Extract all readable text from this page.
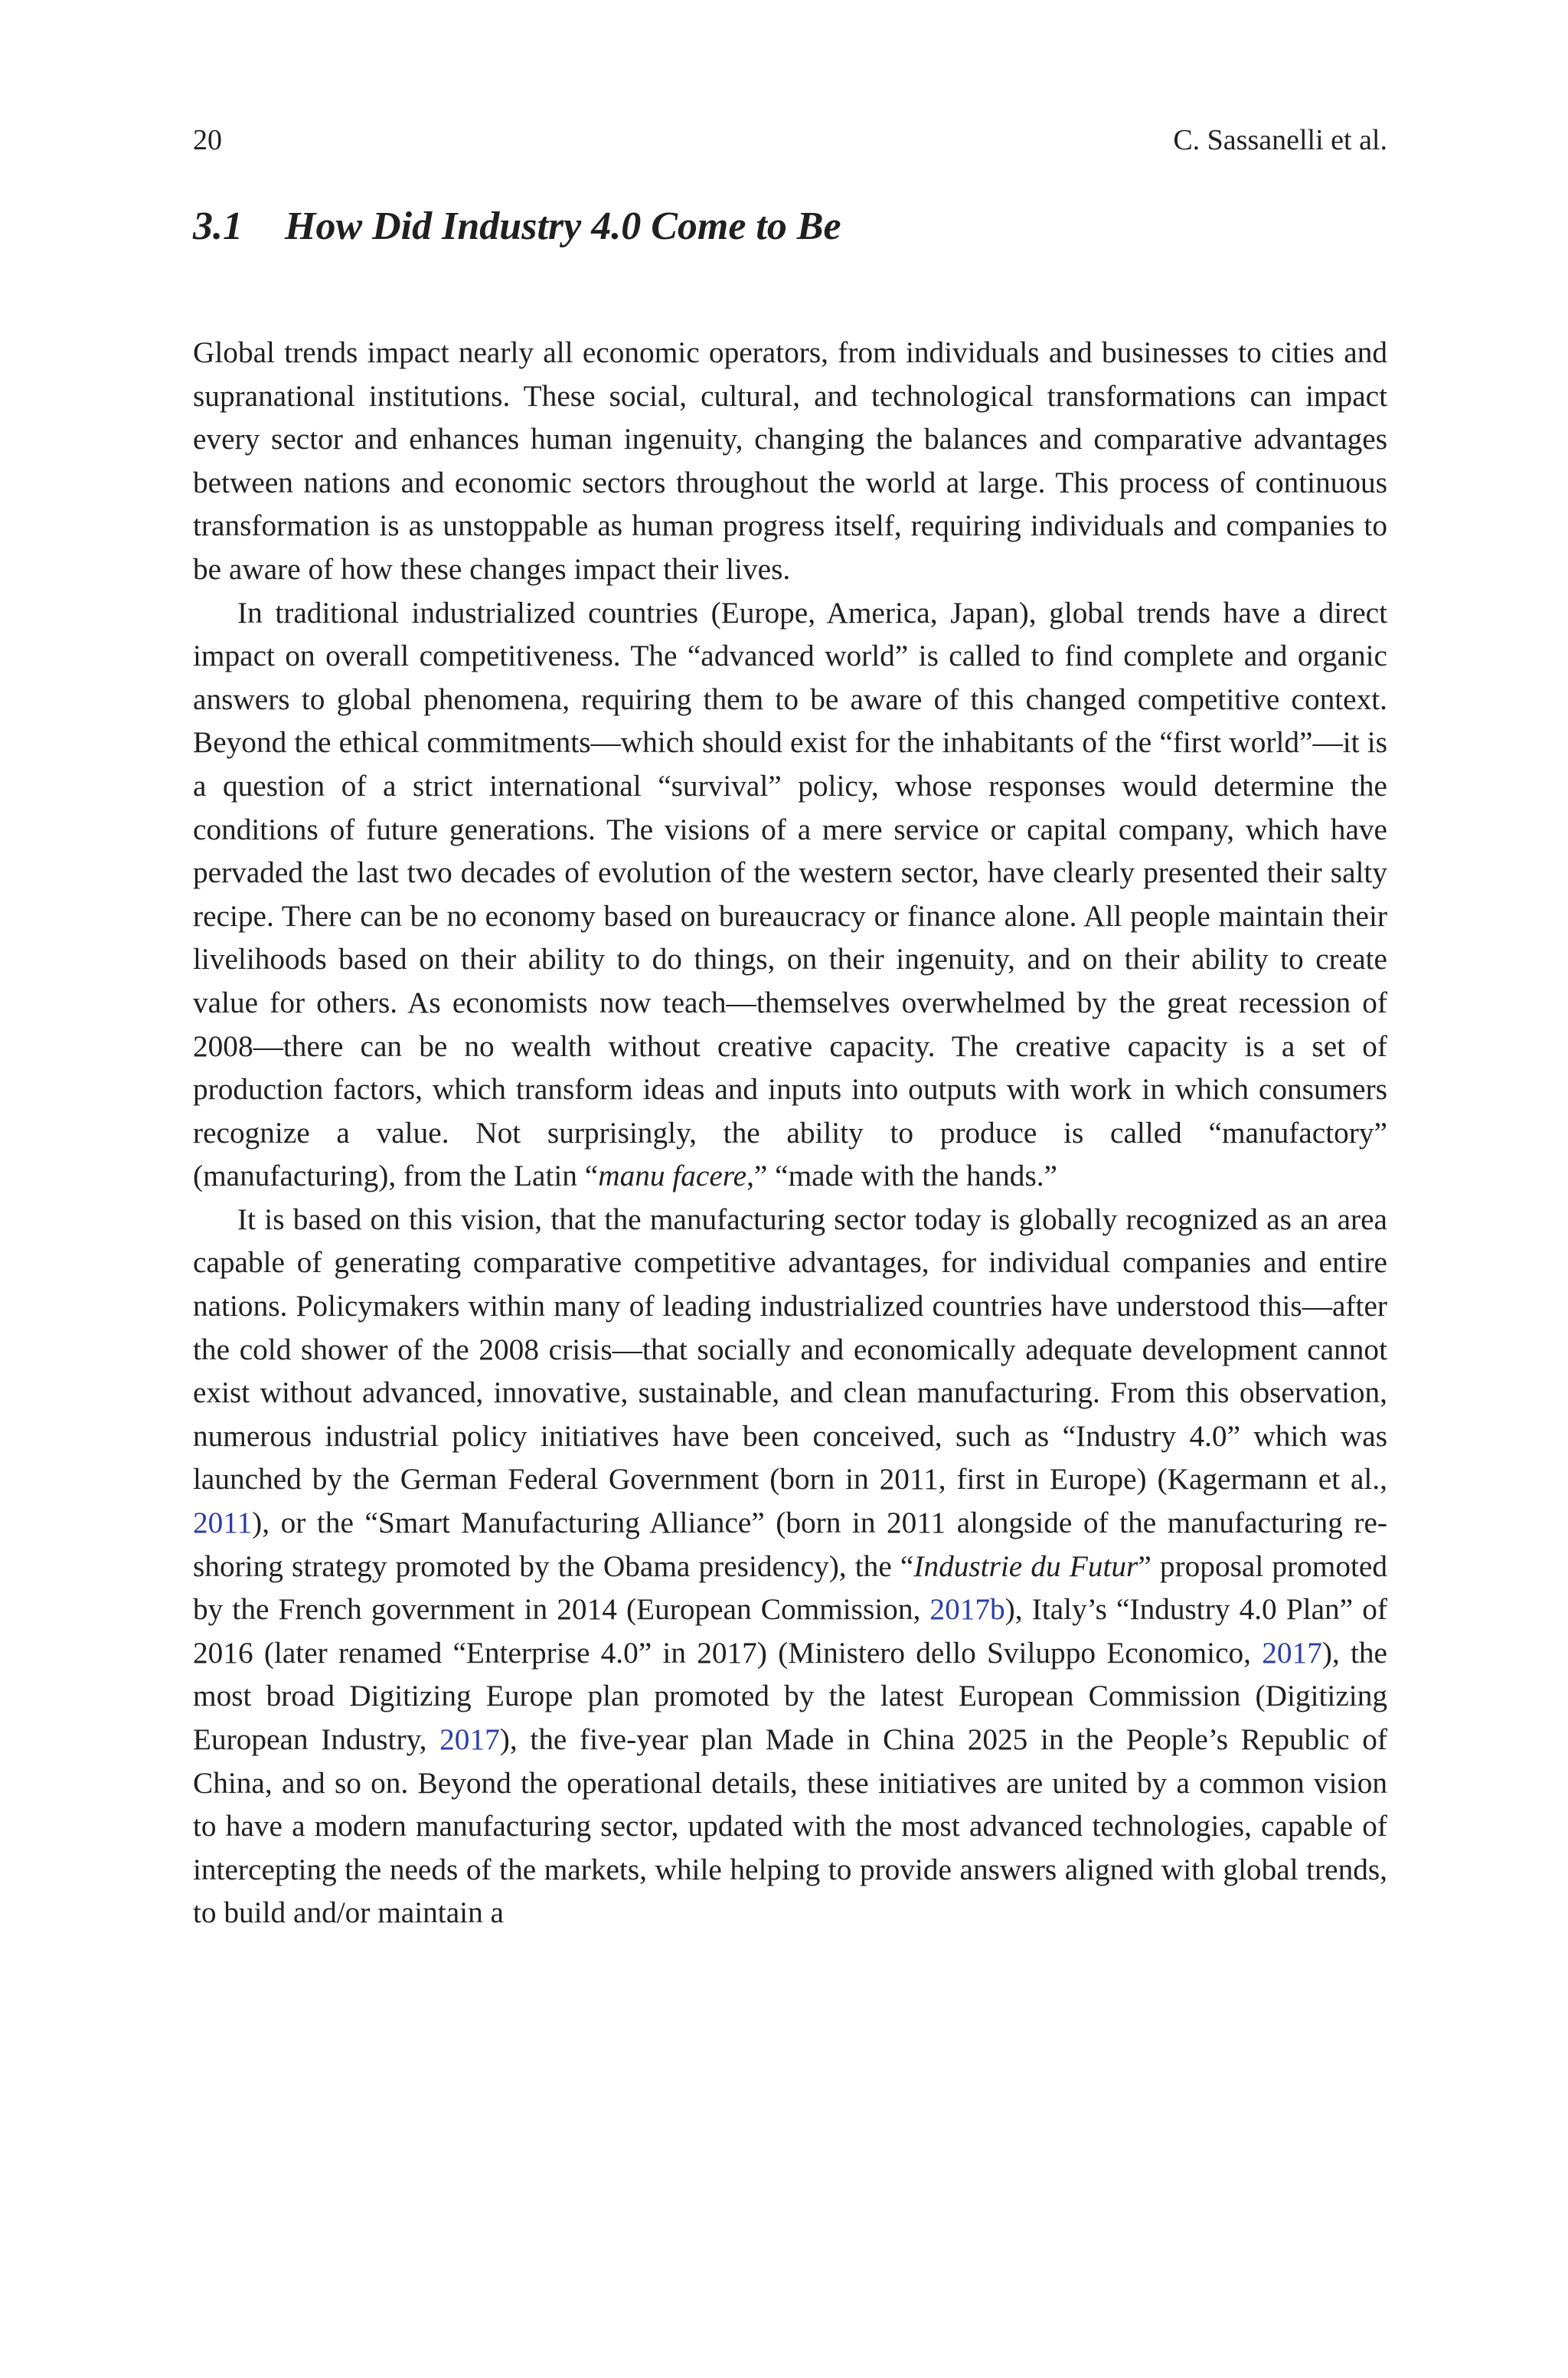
20	C. Sassanelli et al.
3.1 How Did Industry 4.0 Come to Be

Global trends impact nearly all economic operators, from individuals and businesses to cities and supranational institutions. These social, cultural, and technological transformations can impact every sector and enhances human ingenuity, changing the balances and comparative advantages between nations and economic sectors throughout the world at large. This process of continuous transformation is as unstoppable as human progress itself, requiring individuals and companies to be aware of how these changes impact their lives.

In traditional industrialized countries (Europe, America, Japan), global trends have a direct impact on overall competitiveness. The “advanced world” is called to find complete and organic answers to global phenomena, requiring them to be aware of this changed competitive context. Beyond the ethical commitments—which should exist for the inhabitants of the “first world”—it is a question of a strict international “survival” policy, whose responses would determine the conditions of future generations. The visions of a mere service or capital company, which have pervaded the last two decades of evolution of the western sector, have clearly presented their salty recipe. There can be no economy based on bureaucracy or finance alone. All people maintain their livelihoods based on their ability to do things, on their ingenuity, and on their ability to create value for others. As economists now teach—themselves overwhelmed by the great recession of 2008—there can be no wealth without creative capacity. The creative capacity is a set of production factors, which transform ideas and inputs into outputs with work in which consumers recognize a value. Not surprisingly, the ability to produce is called “manufactory” (manufacturing), from the Latin “manu facere,” “made with the hands.”

It is based on this vision, that the manufacturing sector today is globally recognized as an area capable of generating comparative competitive advantages, for individual companies and entire nations. Policymakers within many of leading industrialized countries have understood this—after the cold shower of the 2008 crisis—that socially and economically adequate development cannot exist without advanced, innovative, sustainable, and clean manufacturing. From this observation, numerous industrial policy initiatives have been conceived, such as “Industry 4.0” which was launched by the German Federal Government (born in 2011, first in Europe) (Kagermann et al., 2011), or the “Smart Manufacturing Alliance” (born in 2011 alongside of the manufacturing re-shoring strategy promoted by the Obama presidency), the “Industrie du Futur” proposal promoted by the French government in 2014 (European Commission, 2017b), Italy’s “Industry 4.0 Plan” of 2016 (later renamed “Enterprise 4.0” in 2017) (Ministero dello Sviluppo Economico, 2017), the most broad Digitizing Europe plan promoted by the latest European Commission (Digitizing European Industry, 2017), the five-year plan Made in China 2025 in the People’s Republic of China, and so on. Beyond the operational details, these initiatives are united by a common vision to have a modern manufacturing sector, updated with the most advanced technologies, capable of intercepting the needs of the markets, while helping to provide answers aligned with global trends, to build and/or maintain a
